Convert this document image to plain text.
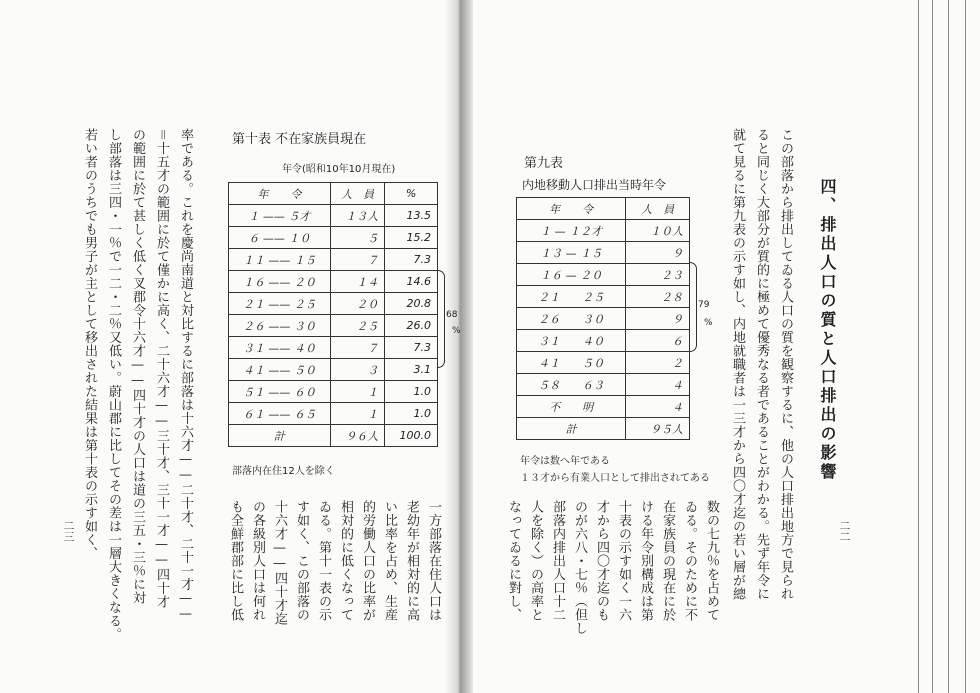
四、排出人口の質と人口排出の影響
二二
この部落から排出してゐる人口の質を観察するに、他の人口排出地方で見られ
ると同じく大部分が質的に極めて優秀なる者であることがわかる。先ず年令に
就て見るに第九表の示す如し、内地就職者は一三才から四〇才迄の若い層が總
数の七九％を占めて
ゐる。そのために不
在家族員の現在に於
ける年令別構成は第
十表の示す如く一六
才から四〇才迄のも
のが六八・七％（但し
部落内排出人口十二
人を除く）の高率と
なってゐるに對し、
第九表
内地移動人口排出当時年令
年　　令	人　員
１ — １２才	１０人
１３ — １５	９
１６ — ２０	２３
２１　　２５	２８
２６　　３０	９
３１　　４０	６
４１　　５０	２
５８　　６３	４
不　　明	４
計	９５人
79
%
年令は数へ年である
１３才から有業人口として排出されてある
二三 若い者のうちでも男子が主として移出された結果は第十表の示す如く、 し部落は三四・一％で一二・二％又低い。蔚山郡に比してその差は一層大きくなる。 の範囲に於て甚しく低く叉郡令十六才——四十才の人口は道の三五・三％に対 ＝十五才の範囲に於て僅かに高く、二十六才——三十才、三十一才——四十才 率である。これを慶尚南道と対比するに部落は十六才——二十才、二十一才——	一方部落在住人口は
老幼年が相対的に高
い比率を占め、生産
的労働人口の比率が
相対的に低くなって
ゐる。第十一表の示
す如く、この部落の
十六才——四十才迄
の各級別人口は何れ
も全鮮郡部に比し低
第十表 不在家族員現在
年令(昭和10年10月現在)
年　　令	人　員	%
１ —— ５才	１３人	13.5
６ —— １０	５	15.2
１１ —— １５	７	7.3
１６ —— ２０	１４	14.6
２１ —— ２５	２０	20.8
２６ —— ３０	２５	26.0
３１ —— ４０	７	7.3
４１ —— ５０	３	3.1
５１ —— ６０	１	1.0
６１ —— ６５	１	1.0
計	９６人	100.0
68
%
部落内在住12人を除く
